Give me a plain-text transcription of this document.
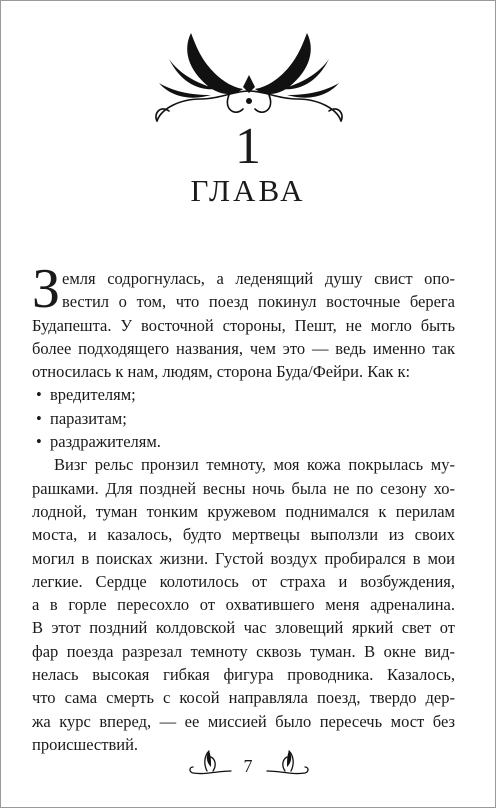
1
ГЛАВА
З емля содрогнулась, а леденящий душу свист опо-
вестил о том, что поезд покинул восточные берега
Будапешта. У восточной стороны, Пешт, не могло быть
более подходящего названия, чем это — ведь именно так
относилась к нам, людям, сторона Буда/Фейри. Как к:
• вредителям;
• паразитам;
• раздражителям.
Визг рельс пронзил темноту, моя кожа покрылась му-
рашками. Для поздней весны ночь была не по сезону хо-
лодной, туман тонким кружевом поднимался к перилам
моста, и казалось, будто мертвецы выползли из своих
могил в поисках жизни. Густой воздух пробирался в мои
легкие. Сердце колотилось от страха и возбуждения,
а в горле пересохло от охватившего меня адреналина.
В этот поздний колдовской час зловещий яркий свет от
фар поезда разрезал темноту сквозь туман. В окне вид-
нелась высокая гибкая фигура проводника. Казалось,
что сама смерть с косой направляла поезд, твердо дер-
жа курс вперед, — ее миссией было пересечь мост без
происшествий.
7
